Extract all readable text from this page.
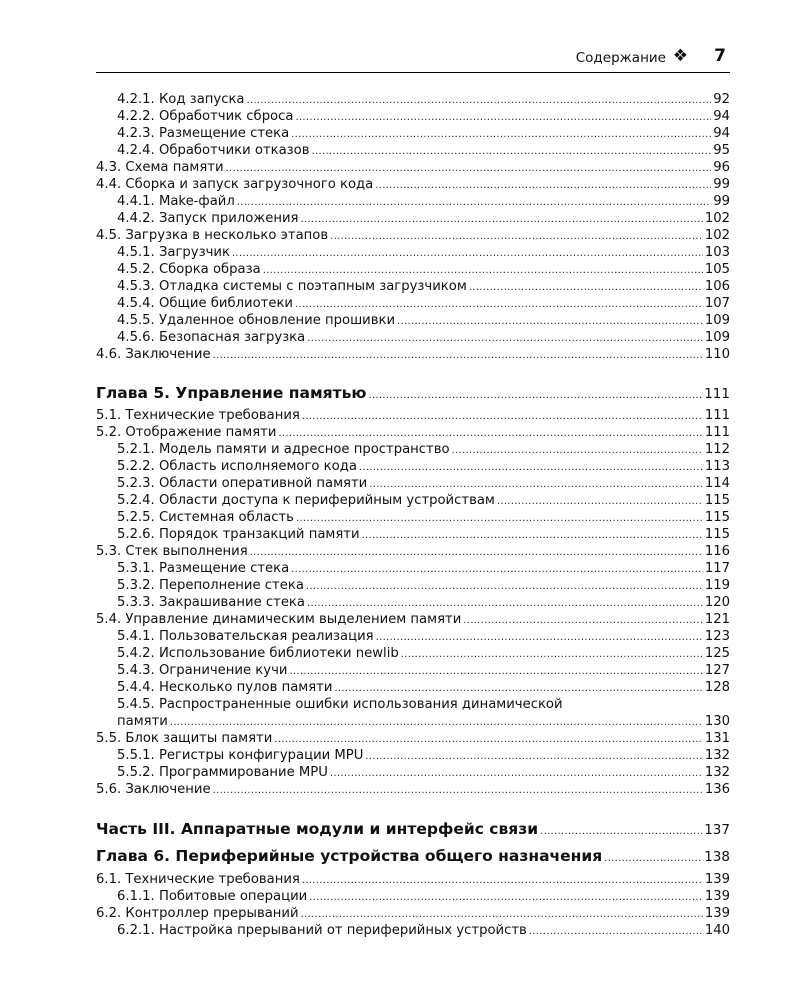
Содержание ❖ 7
4.2.1. Код запуска .....	92
4.2.2. Обработчик сброса .....	94
4.2.3. Размещение стека .....	94
4.2.4. Обработчики отказов .....	95
4.3. Схема памяти .....	96
4.4. Сборка и запуск загрузочного кода .....	99
4.4.1. Make-файл .....	99
4.4.2. Запуск приложения .....	102
4.5. Загрузка в несколько этапов .....	102
4.5.1. Загрузчик .....	103
4.5.2. Сборка образа .....	105
4.5.3. Отладка системы с поэтапным загрузчиком .....	106
4.5.4. Общие библиотеки .....	107
4.5.5. Удаленное обновление прошивки .....	109
4.5.6. Безопасная загрузка .....	109
4.6. Заключение .....	110
Глава 5. Управление памятью .....	111
5.1. Технические требования .....	111
5.2. Отображение памяти .....	111
5.2.1. Модель памяти и адресное пространство .....	112
5.2.2. Область исполняемого кода .....	113
5.2.3. Области оперативной памяти .....	114
5.2.4. Области доступа к периферийным устройствам .....	115
5.2.5. Системная область .....	115
5.2.6. Порядок транзакций памяти .....	115
5.3. Стек выполнения .....	116
5.3.1. Размещение стека .....	117
5.3.2. Переполнение стека .....	119
5.3.3. Закрашивание стека .....	120
5.4. Управление динамическим выделением памяти .....	121
5.4.1. Пользовательская реализация .....	123
5.4.2. Использование библиотеки newlib .....	125
5.4.3. Ограничение кучи .....	127
5.4.4. Несколько пулов памяти .....	128
5.4.5. Распространенные ошибки использования динамической
памяти .....	130
5.5. Блок защиты памяти .....	131
5.5.1. Регистры конфигурации MPU .....	132
5.5.2. Программирование MPU .....	132
5.6. Заключение .....	136
Часть III. Аппаратные модули и интерфейс связи .....	137
Глава 6. Периферийные устройства общего назначения .....	138
6.1. Технические требования .....	139
6.1.1. Побитовые операции .....	139
6.2. Контроллер прерываний .....	139
6.2.1. Настройка прерываний от периферийных устройств .....	140
